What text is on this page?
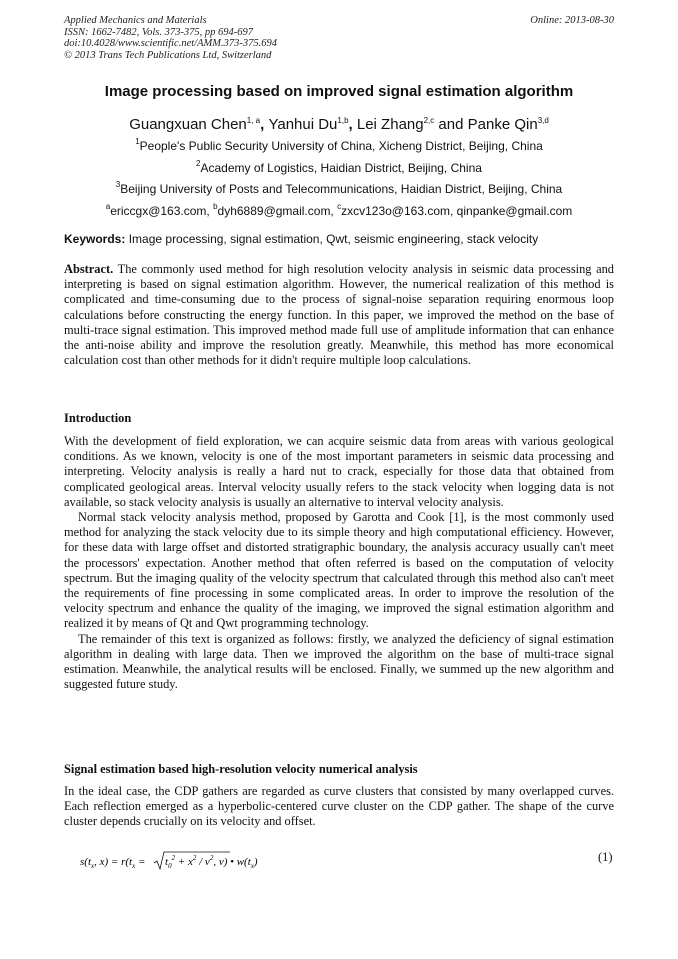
Applied Mechanics and Materials
ISSN: 1662-7482, Vols. 373-375, pp 694-697
doi:10.4028/www.scientific.net/AMM.373-375.694
© 2013 Trans Tech Publications Ltd, Switzerland
Online: 2013-08-30
Image processing based on improved signal estimation algorithm
Guangxuan Chen$^{1, a}$, Yanhui Du$^{1,b}$, Lei Zhang$^{2,c}$ and Panke Qin$^{3,d}$
$^1$People's Public Security University of China, Xicheng District, Beijing, China
$^2$Academy of Logistics, Haidian District, Beijing, China
$^3$Beijing University of Posts and Telecommunications, Haidian District, Beijing, China
$^a$ericcgx@163.com, $^b$dyh6889@gmail.com, $^c$zxcv123o@163.com, qinpanke@gmail.com
Keywords: Image processing, signal estimation, Qwt, seismic engineering, stack velocity
Abstract. The commonly used method for high resolution velocity analysis in seismic data processing and interpreting is based on signal estimation algorithm. However, the numerical realization of this method is complicated and time-consuming due to the process of signal-noise separation requiring enormous loop calculations before constructing the energy function. In this paper, we improved the method on the base of multi-trace signal estimation. This improved method made full use of amplitude information that can enhance the anti-noise ability and improve the resolution greatly. Meanwhile, this method has more economical calculation cost than other methods for it didn't require multiple loop calculations.
Introduction
With the development of field exploration, we can acquire seismic data from areas with various geological conditions. As we known, velocity is one of the most important parameters in seismic data processing and interpreting. Velocity analysis is really a hard nut to crack, especially for those data that obtained from complicated geological areas. Interval velocity usually refers to the stack velocity when logging data is not available, so stack velocity analysis is usually an alternative to interval velocity analysis.
Normal stack velocity analysis method, proposed by Garotta and Cook [1], is the most commonly used method for analyzing the stack velocity due to its simple theory and high computational efficiency. However, for these data with large offset and distorted stratigraphic boundary, the analysis accuracy usually can't meet the processors' expectation. Another method that often referred is based on the computation of velocity spectrum. But the imaging quality of the velocity spectrum that calculated through this method also can't meet the requirements of fine processing in some complicated areas. In order to improve the resolution of the velocity spectrum and enhance the quality of the imaging, we improved the signal estimation algorithm and realized it by means of Qt and Qwt programming technology.
The remainder of this text is organized as follows: firstly, we analyzed the deficiency of signal estimation algorithm in dealing with large data. Then we improved the algorithm on the base of multi-trace signal estimation. Meanwhile, the analytical results will be enclosed. Finally, we summed up the new algorithm and suggested future study.
Signal estimation based high-resolution velocity numerical analysis
In the ideal case, the CDP gathers are regarded as curve clusters that consisted by many overlapped curves. Each reflection emerged as a hyperbolic-centered curve cluster on the CDP gather. The shape of the curve cluster depends crucially on its velocity and offset.
$s(t_x$, $x) = r(t_x = t_0^2 + x^2 / v^2$, v) • $w(t_x)$	(1)
